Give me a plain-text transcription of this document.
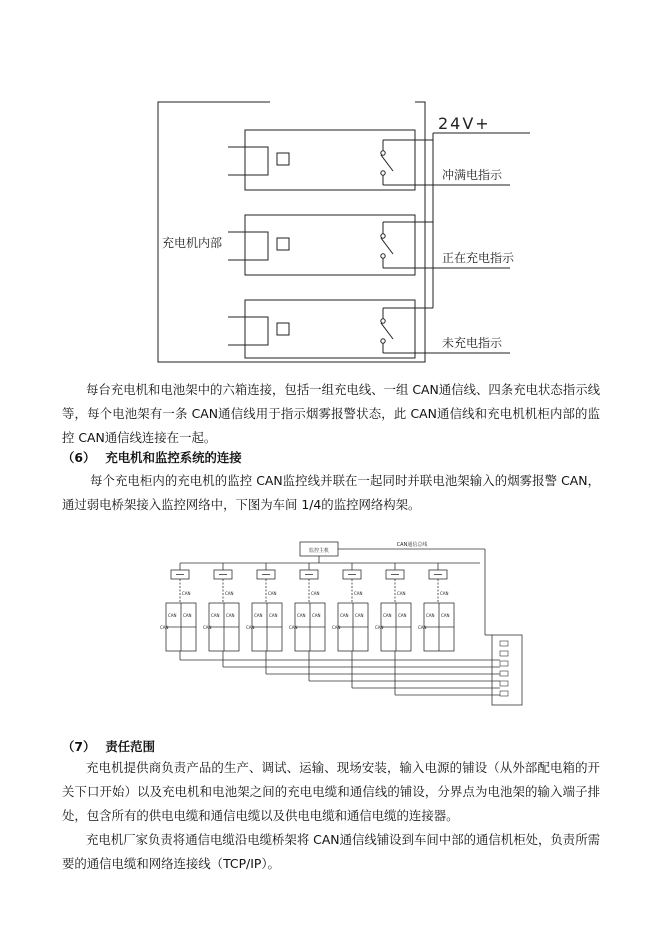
24V+
充电机内部
冲满电指示
正在充电指示
未充电指示

每台充电机和电池架中的六箱连接，包括一组充电线、一组 CAN通信线、四条充电状态指示线等，每个电池架有一条 CAN通信线用于指示烟雾报警状态，此 CAN通信线和充电机机柜内部的监控 CAN通信线连接在一起。

（6） 充电机和监控系统的连接

每个充电柜内的充电机的监控 CAN监控线并联在一起同时并联电池架输入的烟雾报警 CAN，通过弱电桥架接入监控网络中，下图为车间 1/4的监控网络构架。

监控主机
CAN通信总线
CAN
CAN CAN
CAN
CAN
CAN CAN
CAN
CAN
CAN CAN
CAN
CAN
CAN CAN
CAN
CAN
CAN CAN
CAN
CAN
CAN CAN
CAN
CAN
CAN CAN
CAN
（7） 责任范围

充电机提供商负责产品的生产、调试、运输、现场安装，输入电源的铺设（从外部配电箱的开关下口开始）以及充电机和电池架之间的充电电缆和通信线的铺设，分界点为电池架的输入端子排处，包含所有的供电电缆和通信电缆以及供电电缆和通信电缆的连接器。

充电机厂家负责将通信电缆沿电缆桥架将 CAN通信线铺设到车间中部的通信机柜处，负责所需要的通信电缆和网络连接线（TCP/IP）。
